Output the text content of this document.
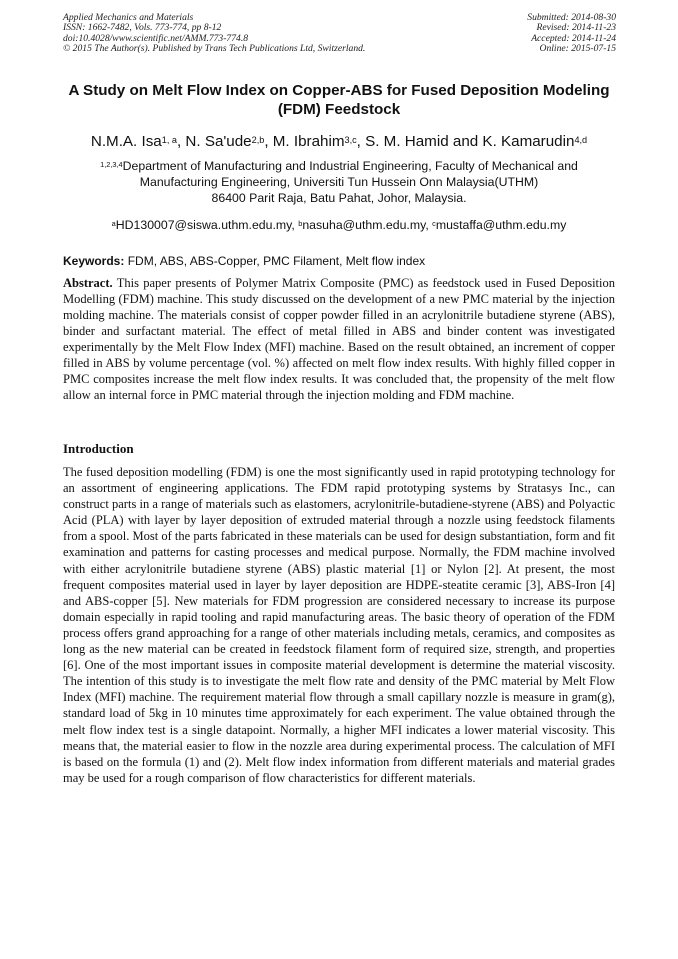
Applied Mechanics and Materials
ISSN: 1662-7482, Vols. 773-774, pp 8-12
doi:10.4028/www.scientific.net/AMM.773-774.8
© 2015 The Author(s). Published by Trans Tech Publications Ltd, Switzerland.
Submitted: 2014-08-30
Revised: 2014-11-23
Accepted: 2014-11-24
Online: 2015-07-15
A Study on Melt Flow Index on Copper-ABS for Fused Deposition Modeling (FDM) Feedstock
N.M.A. Isa$^{1, a}$, N. Sa'ude$^{2,b}$, M. Ibrahim$^{3,c}$, S. M. Hamid and K. Kamarudin$^{4,d}$
$^{1,2,3,4}$Department of Manufacturing and Industrial Engineering, Faculty of Mechanical and
Manufacturing Engineering, Universiti Tun Hussein Onn Malaysia(UTHM)
86400 Parit Raja, Batu Pahat, Johor, Malaysia.
$^a$HD130007@siswa.uthm.edu.my, $^b$nasuha@uthm.edu.my, $^c$mustaffa@uthm.edu.my
Keywords: FDM, ABS, ABS-Copper, PMC Filament, Melt flow index
Abstract. This paper presents of Polymer Matrix Composite (PMC) as feedstock used in Fused Deposition Modelling (FDM) machine. This study discussed on the development of a new PMC material by the injection molding machine. The materials consist of copper powder filled in an acrylonitrile butadiene styrene (ABS), binder and surfactant material. The effect of metal filled in ABS and binder content was investigated experimentally by the Melt Flow Index (MFI) machine. Based on the result obtained, an increment of copper filled in ABS by volume percentage (vol. %) affected on melt flow index results. With highly filled copper in PMC composites increase the melt flow index results. It was concluded that, the propensity of the melt flow allow an internal force in PMC material through the injection molding and FDM machine.
Introduction
The fused deposition modelling (FDM) is one the most significantly used in rapid prototyping technology for an assortment of engineering applications. The FDM rapid prototyping systems by Stratasys Inc., can construct parts in a range of materials such as elastomers, acrylonitrile-butadiene-styrene (ABS) and Polyactic Acid (PLA) with layer by layer deposition of extruded material through a nozzle using feedstock filaments from a spool. Most of the parts fabricated in these materials can be used for design substantiation, form and fit examination and patterns for casting processes and medical purpose. Normally, the FDM machine involved with either acrylonitrile butadiene styrene (ABS) plastic material [1] or Nylon [2]. At present, the most frequent composites material used in layer by layer deposition are HDPE-steatite ceramic [3], ABS-Iron [4] and ABS-copper [5]. New materials for FDM progression are considered necessary to increase its purpose domain especially in rapid tooling and rapid manufacturing areas. The basic theory of operation of the FDM process offers grand approaching for a range of other materials including metals, ceramics, and composites as long as the new material can be created in feedstock filament form of required size, strength, and properties [6]. One of the most important issues in composite material development is determine the material viscosity. The intention of this study is to investigate the melt flow rate and density of the PMC material by Melt Flow Index (MFI) machine. The requirement material flow through a small capillary nozzle is measure in gram(g), standard load of 5kg in 10 minutes time approximately for each experiment. The value obtained through the melt flow index test is a single datapoint. Normally, a higher MFI indicates a lower material viscosity. This means that, the material easier to flow in the nozzle area during experimental process. The calculation of MFI is based on the formula (1) and (2). Melt flow index information from different materials and material grades may be used for a rough comparison of flow characteristics for different materials.
